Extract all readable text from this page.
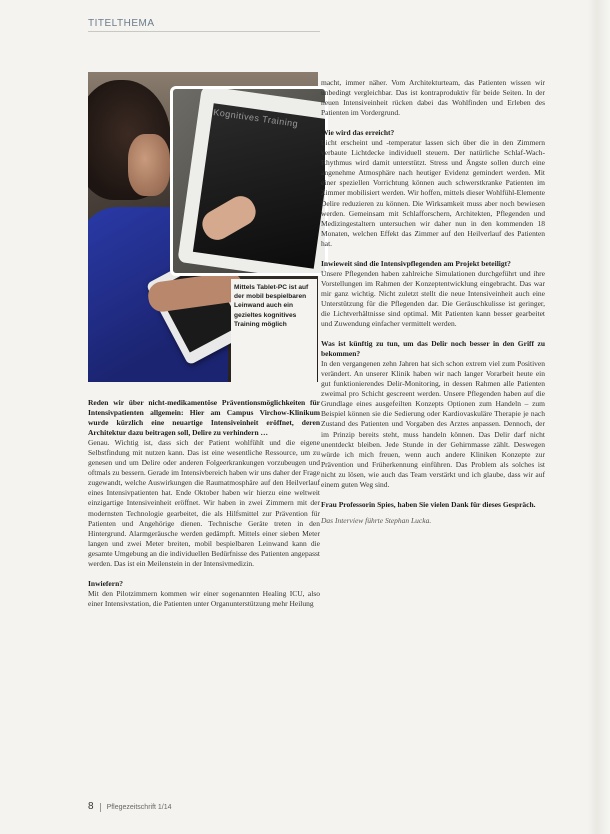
TITELTHEMA
Kognitives Training
Mittels Tablet-PC ist auf der mobil bespielbaren Leinwand auch ein gezieltes kognitives Training möglich

Reden wir über nicht-medikamentöse Präventionsmöglichkeiten für Intensivpatienten allgemein: Hier am Campus Virchow-Klinikum wurde kürzlich eine neuartige Intensiveinheit eröffnet, deren Architektur dazu beitragen soll, Delire zu verhindern …

Genau. Wichtig ist, dass sich der Patient wohlfühlt und die eigene Selbstfindung mit nutzen kann. Das ist eine wesentliche Ressource, um zu genesen und um Delire oder anderen Folgeerkrankungen vorzubeugen und oftmals zu bessern. Gerade im Intensivbereich haben wir uns daher der Frage zugewandt, welche Auswirkungen die Raumatmosphäre auf den Heilverlauf eines Intensivpatienten hat. Ende Oktober haben wir hierzu eine weltweit einzigartige Intensiveinheit eröffnet. Wir haben in zwei Zimmern mit der modernsten Technologie gearbeitet, die als Hilfsmittel zur Prävention für Patienten und Angehörige dienen. Technische Geräte treten in den Hintergrund. Alarmgeräusche werden gedämpft. Mittels einer sieben Meter langen und zwei Meter breiten, mobil bespielbaren Leinwand kann die gesamte Umgebung an die individuellen Bedürfnisse des Patienten angepasst werden. Das ist ein Meilenstein in der Intensivmedizin.

Inwiefern?

Mit den Pilotzimmern kommen wir einer sogenannten Healing ICU, also einer Intensivstation, die Patienten unter Organunterstützung mehr Heilung

macht, immer näher. Vom Architekturteam, das Patienten wissen wir unbedingt vergleichbar. Das ist kontraproduktiv für beide Seiten. In der neuen Intensiveinheit rücken dabei das Wohlfinden und Erleben des Patienten im Vordergrund.

Wie wird das erreicht?

Licht erscheint und -temperatur lassen sich über die in den Zimmern verbaute Lichtdecke individuell steuern. Der natürliche Schlaf-Wach-Rhythmus wird damit unterstützt. Stress und Ängste sollen durch eine angenehme Atmosphäre nach heutiger Evidenz gemindert werden. Mit einer speziellen Vorrichtung können auch schwerstkranke Patienten im Zimmer mobilisiert werden. Wir hoffen, mittels dieser Wohlfühl-Elemente Delire reduzieren zu können. Die Wirksamkeit muss aber noch bewiesen werden. Gemeinsam mit Schlafforschern, Architekten, Pflegenden und Medizingestaltern untersuchen wir daher nun in den kommenden 18 Monaten, welchen Effekt das Zimmer auf den Heilverlauf des Patienten hat.

Inwieweit sind die Intensivpflegenden am Projekt beteiligt?

Unsere Pflegenden haben zahlreiche Simulationen durchgeführt und ihre Vorstellungen im Rahmen der Konzeptentwicklung eingebracht. Das war mir ganz wichtig. Nicht zuletzt stellt die neue Intensiveinheit auch eine Unterstützung für die Pflegenden dar. Die Geräuschkulisse ist geringer, die Lichtverhältnisse sind optimal. Mit Patienten kann besser gearbeitet und Zuwendung einfacher vermittelt werden.

Was ist künftig zu tun, um das Delir noch besser in den Griff zu bekommen?

In den vergangenen zehn Jahren hat sich schon extrem viel zum Positiven verändert. An unserer Klinik haben wir nach langer Vorarbeit heute ein gut funktionierendes Delir-Monitoring, in dessen Rahmen alle Patienten zweimal pro Schicht gescreent werden. Unsere Pflegenden haben auf die Grundlage eines ausgefeilten Konzepts Optionen zum Handeln – zum Beispiel können sie die Sedierung oder Kardiovaskuläre Therapie je nach Zustand des Patienten und Vorgaben des Arztes anpassen. Dennoch, der im Prinzip bereits steht, muss handeln können. Das Delir darf nicht unentdeckt bleiben. Jede Stunde in der Gehirnmasse zählt. Deswegen würde ich mich freuen, wenn auch andere Kliniken Konzepte zur Prävention und Früherkennung einführen. Das Problem als solches ist nicht zu lösen, wie auch das Team verstärkt und ich glaube, dass wir auf einem guten Weg sind.

Frau Professorin Spies, haben Sie vielen Dank für dieses Gespräch.

Das Interview führte Stephan Lucka.

8 Pflegezeitschrift 1/14
